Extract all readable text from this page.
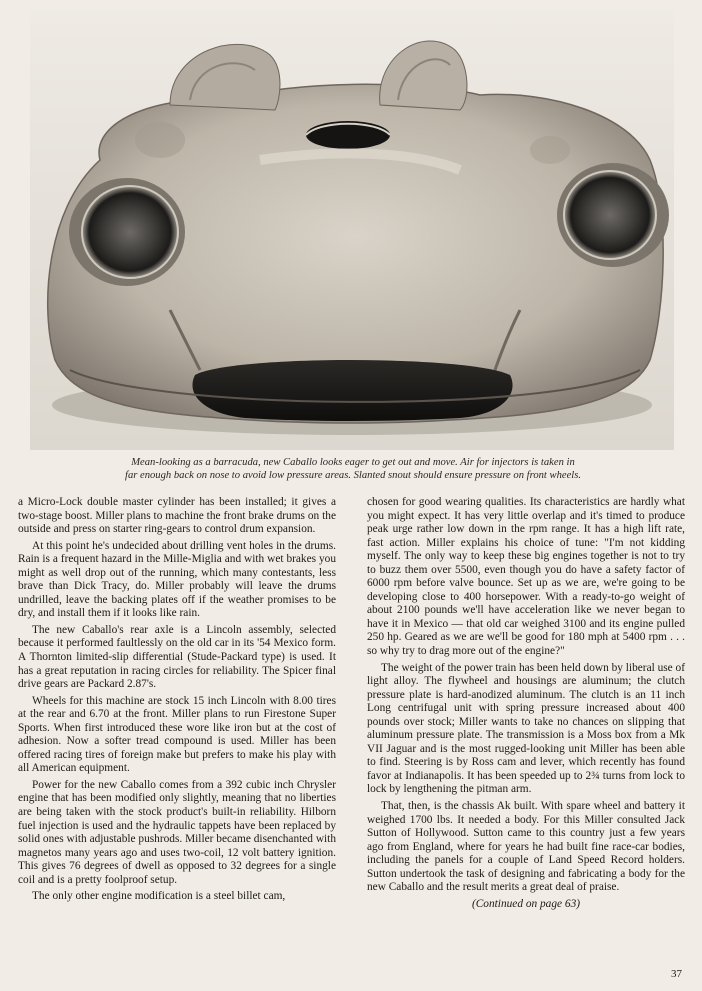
Mean-looking as a barracuda, new Caballo looks eager to get out and move. Air for injectors is taken in
far enough back on nose to avoid low pressure areas. Slanted snout should ensure pressure on front wheels.

a Micro-Lock double master cylinder has been installed; it gives a two-stage boost. Miller plans to machine the front brake drums on the outside and press on starter ring-gears to control drum expansion.

At this point he's undecided about drilling vent holes in the drums. Rain is a frequent hazard in the Mille-Miglia and with wet brakes you might as well drop out of the running, which many contestants, less brave than Dick Tracy, do. Miller probably will leave the drums undrilled, leave the backing plates off if the weather promises to be dry, and install them if it looks like rain.

The new Caballo's rear axle is a Lincoln assembly, selected because it performed faultlessly on the old car in its '54 Mexico form. A Thornton limited-slip differential (Stude-Packard type) is used. It has a great reputation in racing circles for reliability. The Spicer final drive gears are Packard 2.87's.

Wheels for this machine are stock 15 inch Lincoln with 8.00 tires at the rear and 6.70 at the front. Miller plans to run Firestone Super Sports. When first introduced these wore like iron but at the cost of adhesion. Now a softer tread compound is used. Miller has been offered racing tires of foreign make but prefers to make his play with all American equipment.

Power for the new Caballo comes from a 392 cubic inch Chrysler engine that has been modified only slightly, meaning that no liberties are being taken with the stock product's built-in reliability. Hilborn fuel injection is used and the hydraulic tappets have been replaced by solid ones with adjustable pushrods. Miller became disenchanted with magnetos many years ago and uses two-coil, 12 volt battery ignition. This gives 76 degrees of dwell as opposed to 32 degrees for a single coil and is a pretty foolproof setup.

The only other engine modification is a steel billet cam,

chosen for good wearing qualities. Its characteristics are hardly what you might expect. It has very little overlap and it's timed to produce peak urge rather low down in the rpm range. It has a high lift rate, fast action. Miller explains his choice of tune: "I'm not kidding myself. The only way to keep these big engines together is not to try to buzz them over 5500, even though you do have a safety factor of 6000 rpm before valve bounce. Set up as we are, we're going to be developing close to 400 horsepower. With a ready-to-go weight of about 2100 pounds we'll have acceleration like we never began to have it in Mexico — that old car weighed 3100 and its engine pulled 250 hp. Geared as we are we'll be good for 180 mph at 5400 rpm . . . so why try to drag more out of the engine?"

The weight of the power train has been held down by liberal use of light alloy. The flywheel and housings are aluminum; the clutch pressure plate is hard-anodized aluminum. The clutch is an 11 inch Long centrifugal unit with spring pressure increased about 400 pounds over stock; Miller wants to take no chances on slipping that aluminum pressure plate. The transmission is a Moss box from a Mk VII Jaguar and is the most rugged-looking unit Miller has been able to find. Steering is by Ross cam and lever, which recently has found favor at Indianapolis. It has been speeded up to 2¾ turns from lock to lock by lengthening the pitman arm.

That, then, is the chassis Ak built. With spare wheel and battery it weighed 1700 lbs. It needed a body. For this Miller consulted Jack Sutton of Hollywood. Sutton came to this country just a few years ago from England, where for years he had built fine race-car bodies, including the panels for a couple of Land Speed Record holders. Sutton undertook the task of designing and fabricating a body for the new Caballo and the result merits a great deal of praise.

(Continued on page 63)

37
